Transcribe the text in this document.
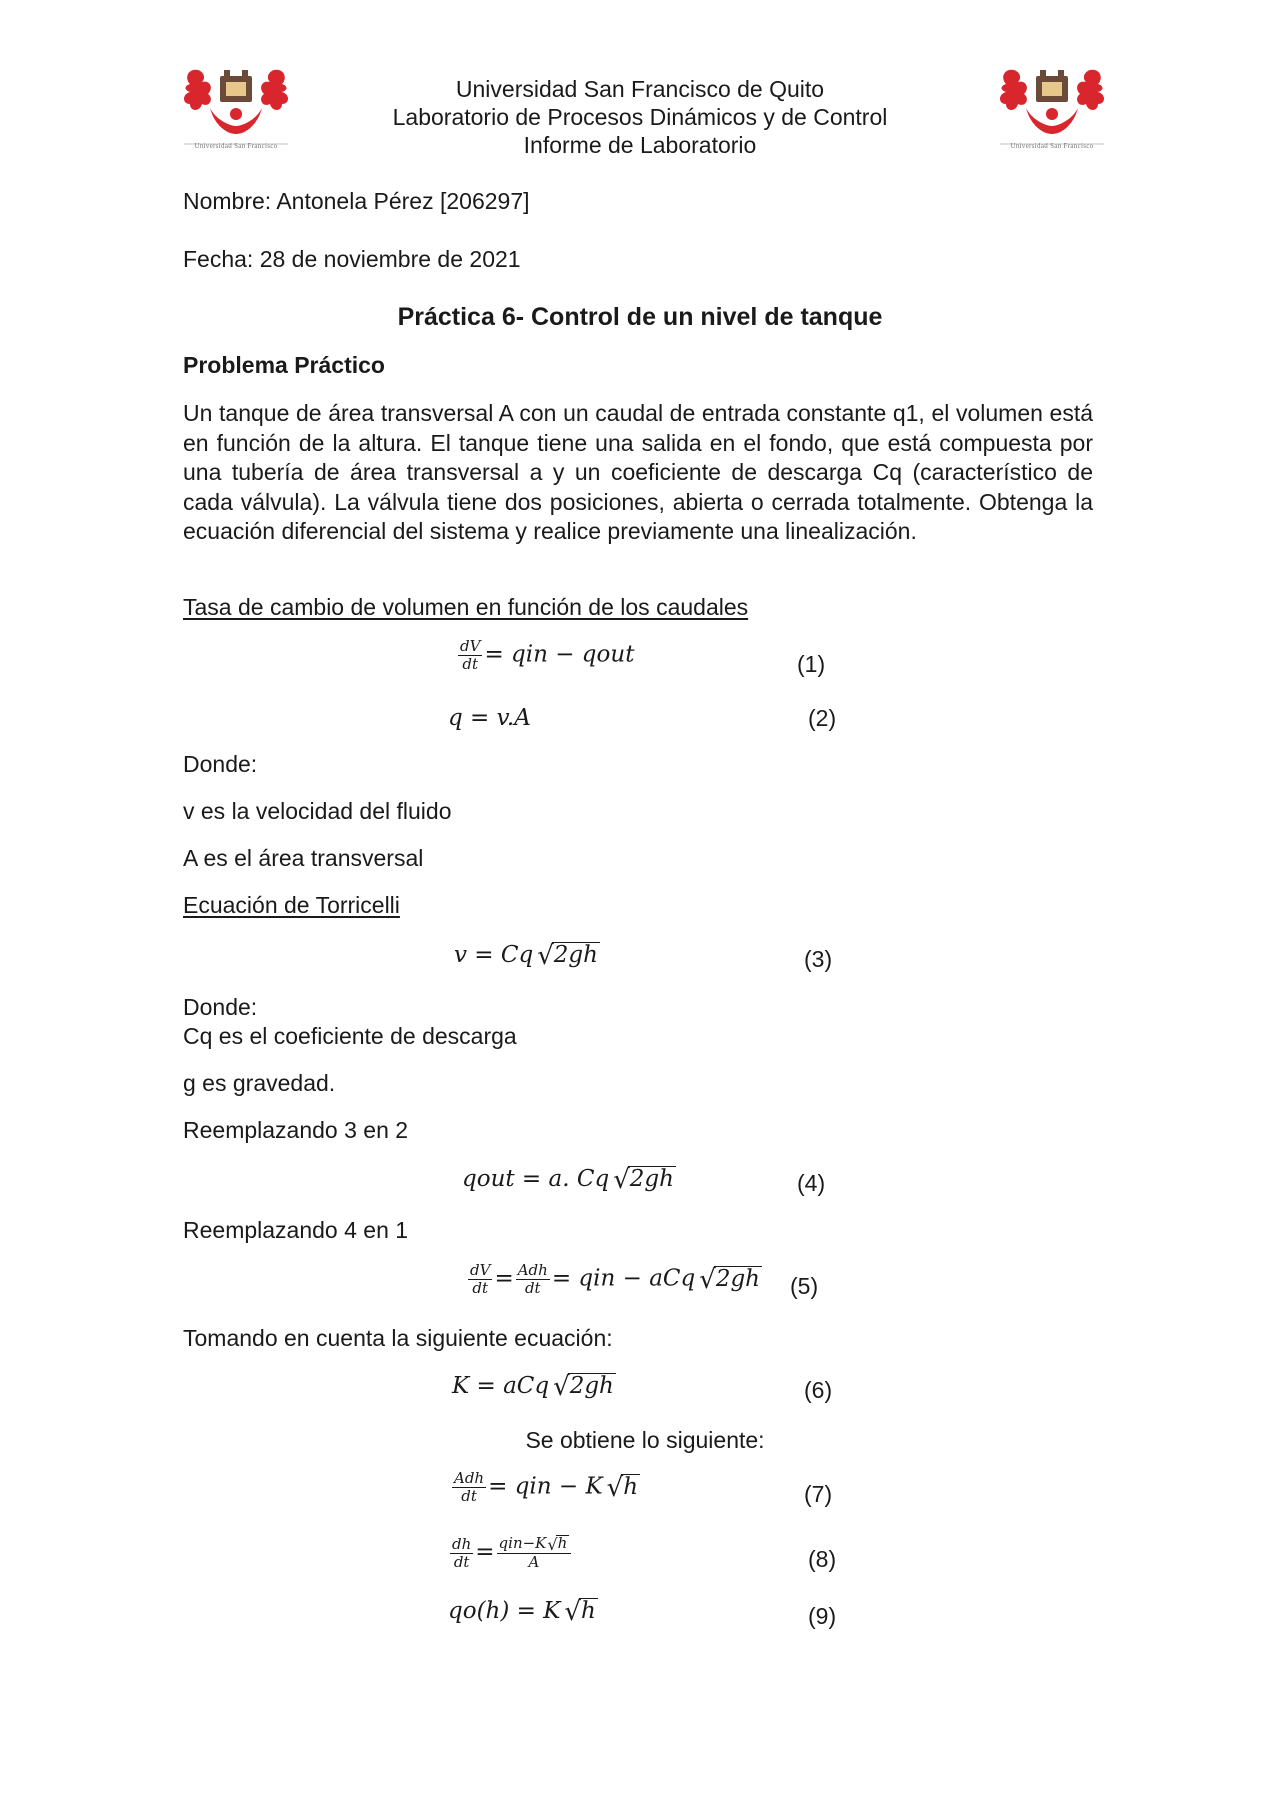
Universidad San Francisco	Universidad San Francisco
Universidad San Francisco de Quito
Laboratorio de Procesos Dinámicos y de Control
Informe de Laboratorio
Nombre: Antonela Pérez [206297]
Fecha: 28 de noviembre de 2021
Práctica 6- Control de un nivel de tanque
Problema Práctico
Un tanque de área transversal A con un caudal de entrada constante q1, el volumen está en función de la altura. El tanque tiene una salida en el fondo, que está compuesta por una tubería de área transversal a y un coeficiente de descarga Cq (característico de cada válvula). La válvula tiene dos posiciones, abierta o cerrada totalmente. Obtenga la ecuación diferencial del sistema y realice previamente una linealización.
Tasa de cambio de volumen en función de los caudales
$\frac{dV}{dt}$ = qin − qout	(1)
q = v.A	(2)
Donde:
v es la velocidad del fluido
A es el área transversal
Ecuación de Torricelli
v = Cq √2gh	(3)
Donde:
Cq es el coeficiente de descarga
g es gravedad.
Reemplazando 3 en 2
qout = a. Cq √2gh	(4)
Reemplazando 4 en 1
$\frac{dV}{dt} = \frac{\text{Adh}}{dt}$ = qin − aCq √2gh (5)
Tomando en cuenta la siguiente ecuación:
K = aCq √2gh	(6)
Se obtiene lo siguiente:
$\frac{\text{Adh}}{dt}$ = qin − K √h	(7)
$\frac{dh}{dt} = \frac{\text{qin−K√h}}{A}$	(8)
qo(h) = K √h	(9)
